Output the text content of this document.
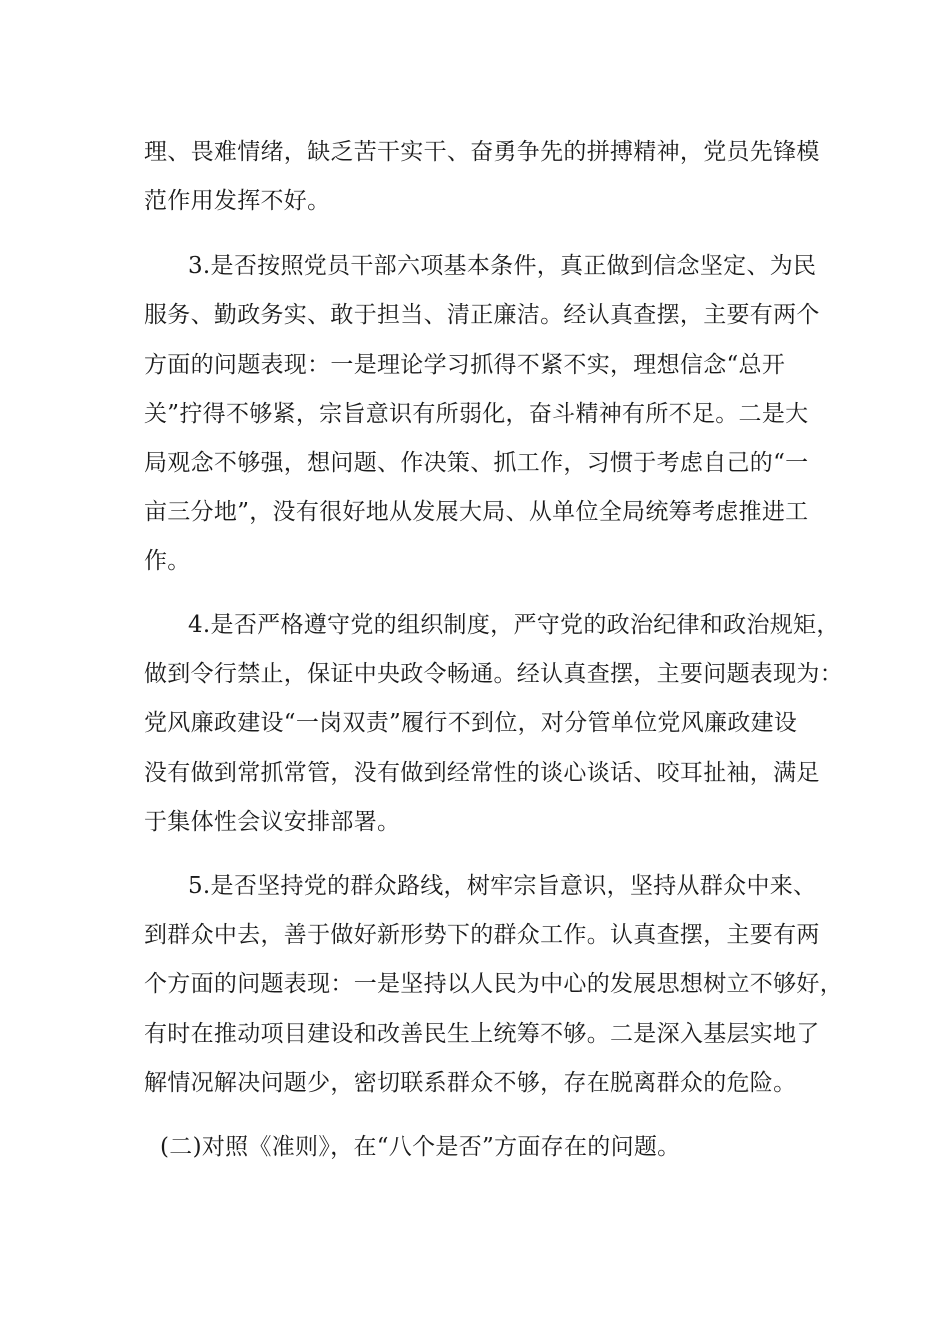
理、畏难情绪，缺乏苦干实干、奋勇争先的拼搏精神，党员先锋模

范作用发挥不好。

3.是否按照党员干部六项基本条件，真正做到信念坚定、为民

服务、勤政务实、敢于担当、清正廉洁。经认真查摆，主要有两个

方面的问题表现：一是理论学习抓得不紧不实，理想信念“总开

关”拧得不够紧，宗旨意识有所弱化，奋斗精神有所不足。二是大

局观念不够强，想问题、作决策、抓工作，习惯于考虑自己的“一

亩三分地”，没有很好地从发展大局、从单位全局统筹考虑推进工

作。

4.是否严格遵守党的组织制度，严守党的政治纪律和政治规矩，

做到令行禁止，保证中央政令畅通。经认真查摆，主要问题表现为：

党风廉政建设“一岗双责”履行不到位，对分管单位党风廉政建设

没有做到常抓常管，没有做到经常性的谈心谈话、咬耳扯袖，满足

于集体性会议安排部署。

5.是否坚持党的群众路线，树牢宗旨意识，坚持从群众中来、

到群众中去，善于做好新形势下的群众工作。认真查摆，主要有两

个方面的问题表现：一是坚持以人民为中心的发展思想树立不够好，

有时在推动项目建设和改善民生上统筹不够。二是深入基层实地了

解情况解决问题少，密切联系群众不够，存在脱离群众的危险。

(二)对照《准则》，在“八个是否”方面存在的问题。
